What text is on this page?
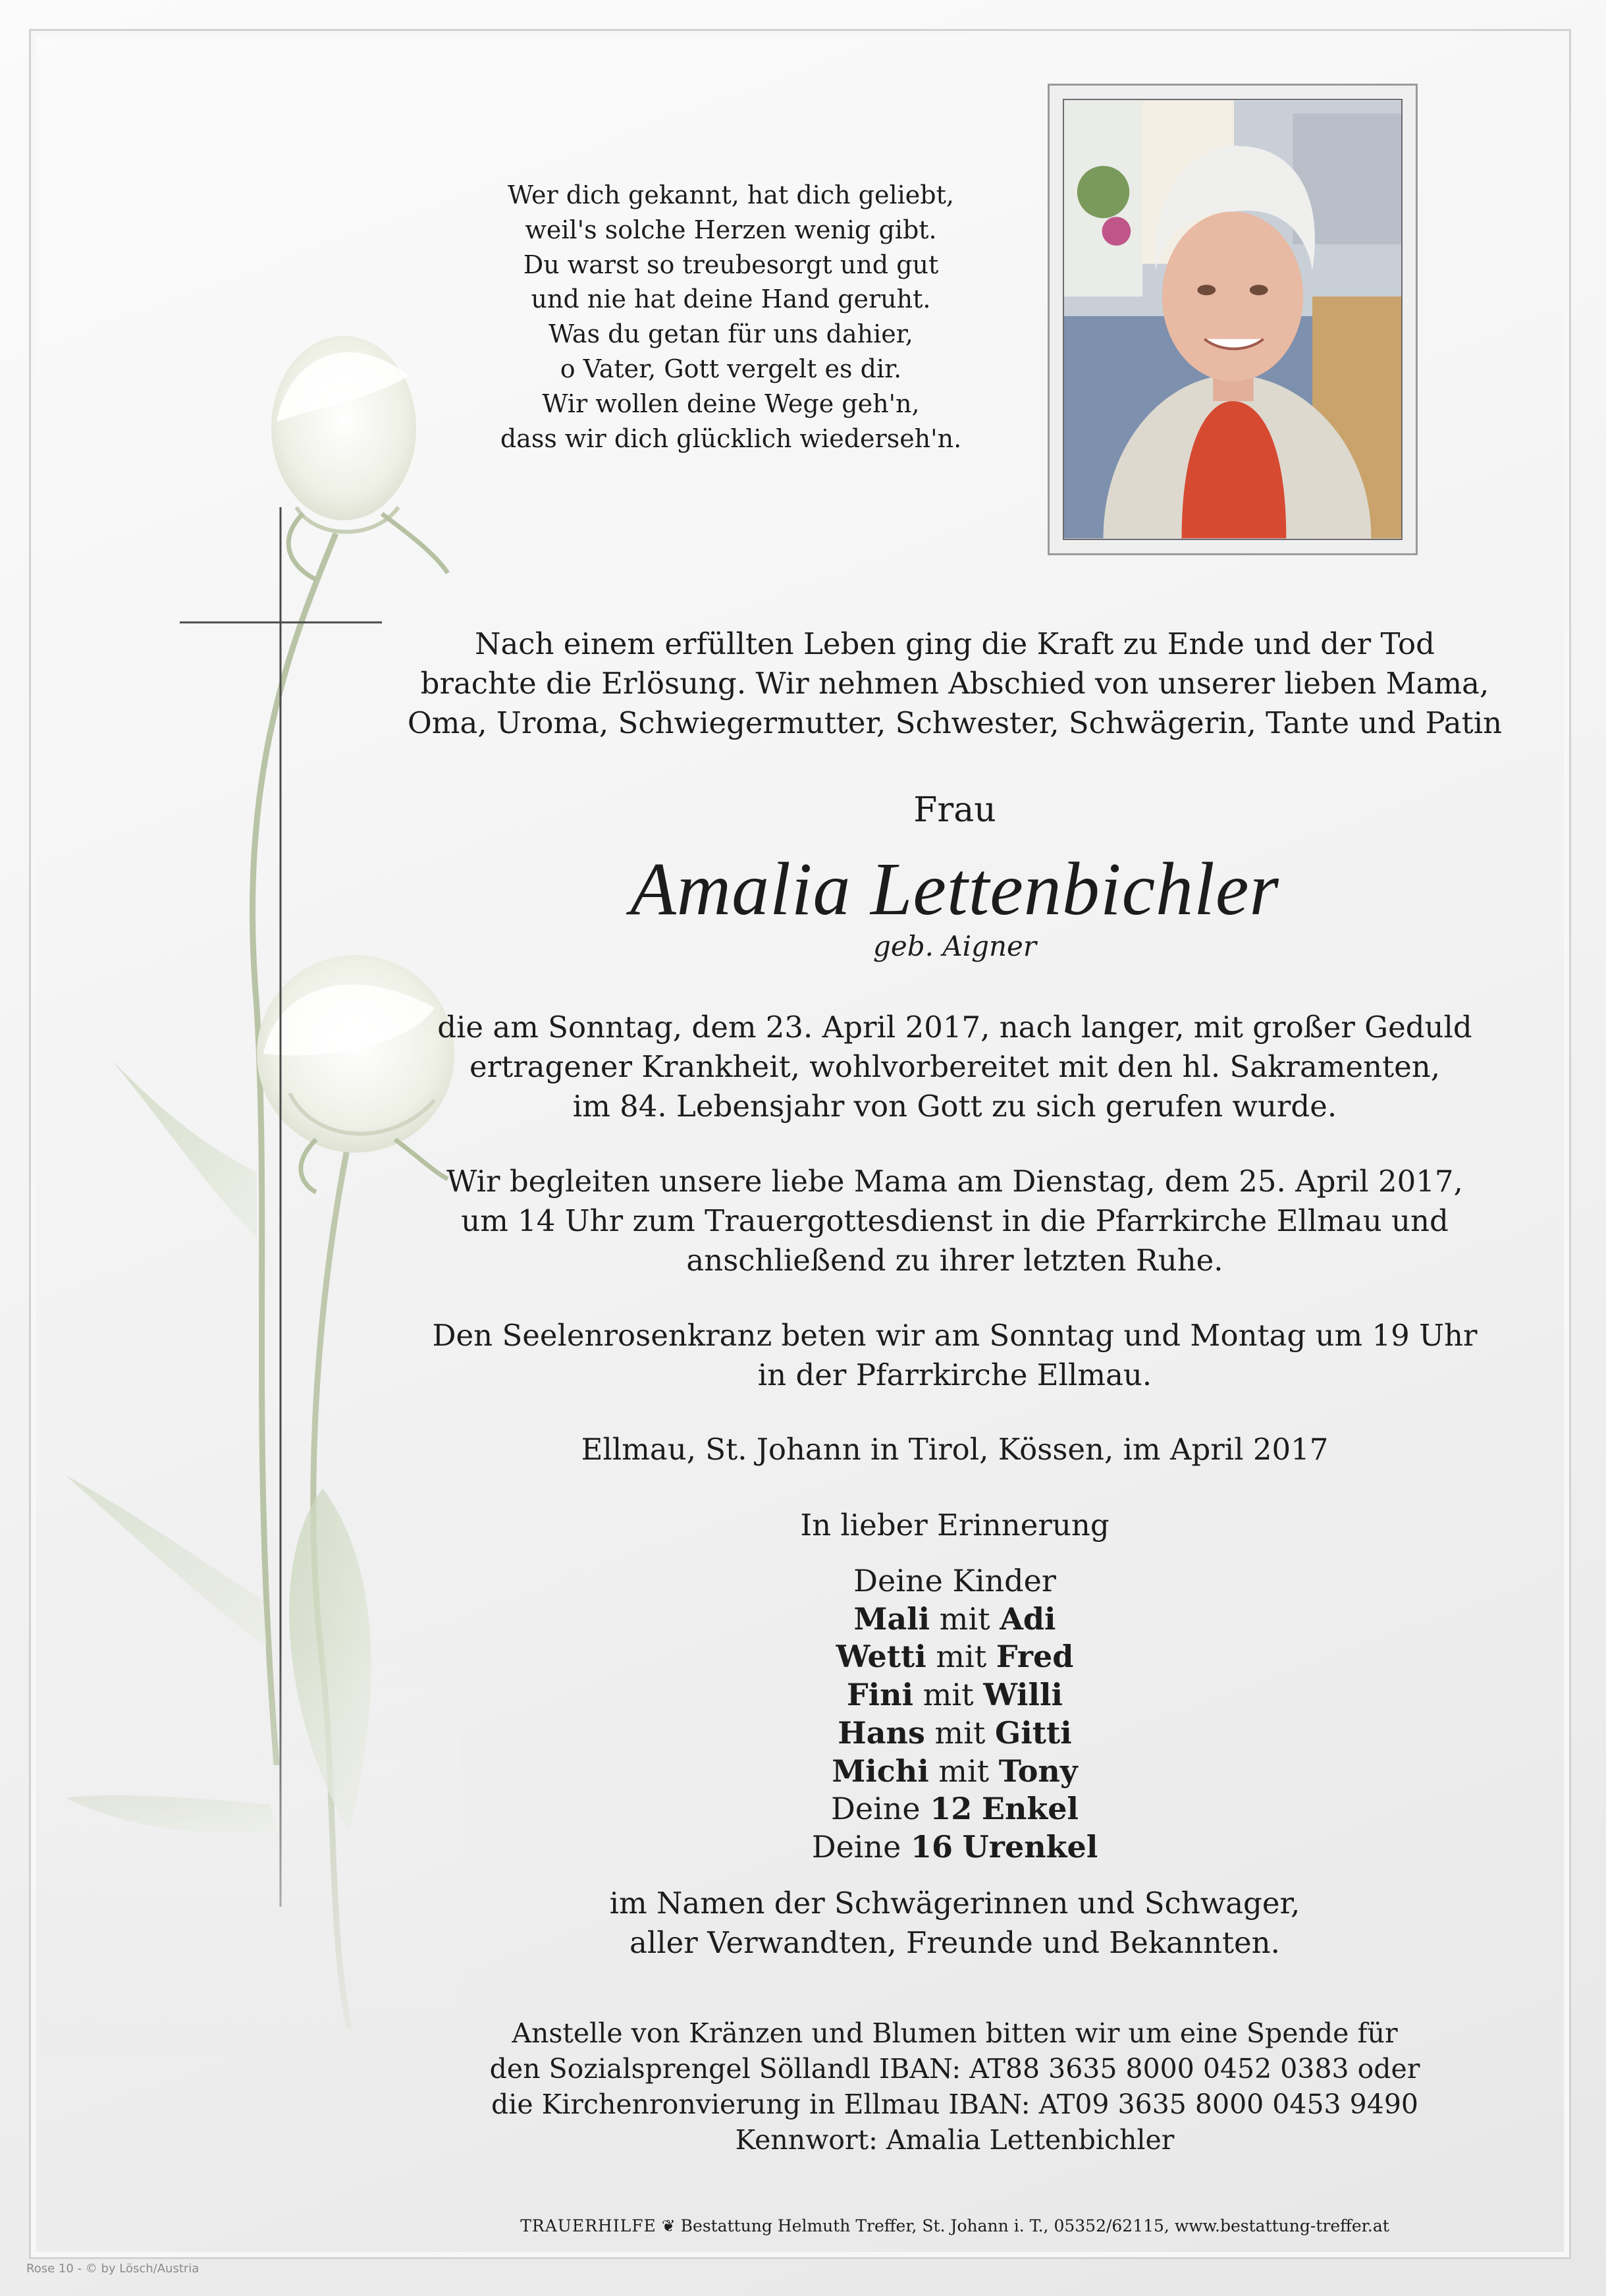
Wer dich gekannt, hat dich geliebt,
weil's solche Herzen wenig gibt.
Du warst so treubesorgt und gut
und nie hat deine Hand geruht.
Was du getan für uns dahier,
o Vater, Gott vergelt es dir.
Wir wollen deine Wege geh'n,
dass wir dich glücklich wiederseh'n.
Nach einem erfüllten Leben ging die Kraft zu Ende und der Tod
brachte die Erlösung. Wir nehmen Abschied von unserer lieben Mama,
Oma, Uroma, Schwiegermutter, Schwester, Schwägerin, Tante und Patin
Frau
Amalia Lettenbichler
geb. Aigner
die am Sonntag, dem 23. April 2017, nach langer, mit großer Geduld
ertragener Krankheit, wohlvorbereitet mit den hl. Sakramenten,
im 84. Lebensjahr von Gott zu sich gerufen wurde.
Wir begleiten unsere liebe Mama am Dienstag, dem 25. April 2017,
um 14 Uhr zum Trauergottesdienst in die Pfarrkirche Ellmau und
anschließend zu ihrer letzten Ruhe.
Den Seelenrosenkranz beten wir am Sonntag und Montag um 19 Uhr
in der Pfarrkirche Ellmau.
Ellmau, St. Johann in Tirol, Kössen, im April 2017
In lieber Erinnerung
Deine Kinder
Mali mit Adi
Wetti mit Fred
Fini mit Willi
Hans mit Gitti
Michi mit Tony
Deine 12 Enkel
Deine 16 Urenkel
im Namen der Schwägerinnen und Schwager,
aller Verwandten, Freunde und Bekannten.
Anstelle von Kränzen und Blumen bitten wir um eine Spende für
den Sozialsprengel Söllandl IBAN: AT88 3635 8000 0452 0383 oder
die Kirchenronvierung in Ellmau IBAN: AT09 3635 8000 0453 9490
Kennwort: Amalia Lettenbichler
TRAUERHILFE ❦ Bestattung Helmuth Treffer, St. Johann i. T., 05352/62115, www.bestattung-treffer.at
Rose 10 - © by Lösch/Austria
